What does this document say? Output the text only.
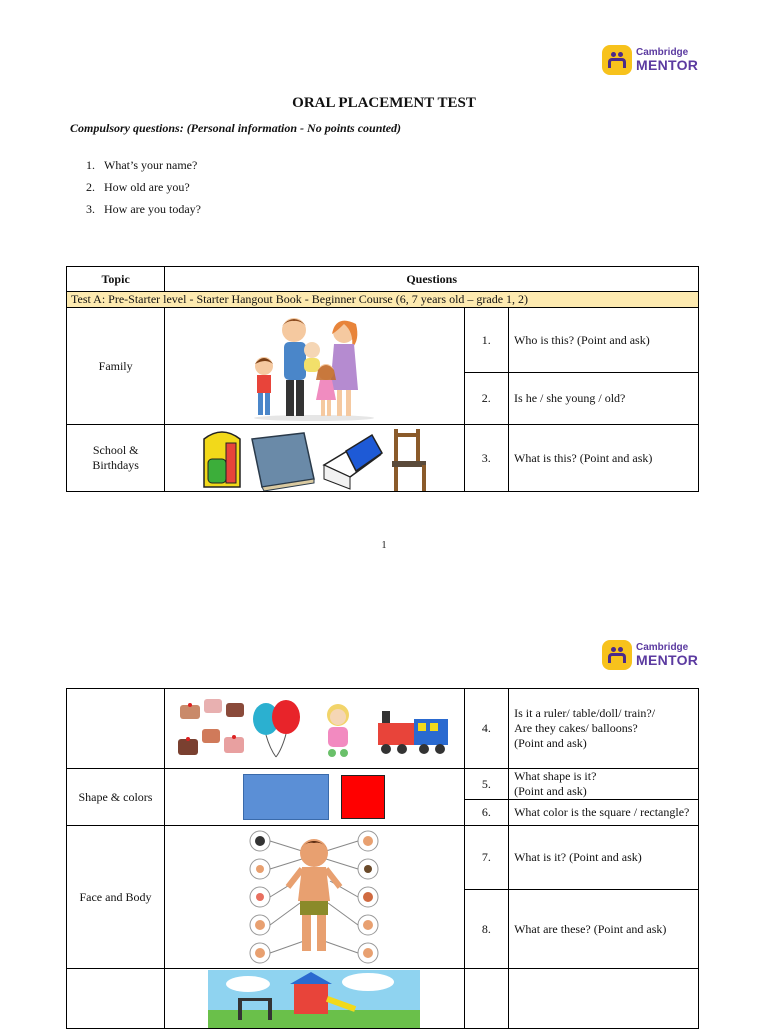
Cambridge
MENTOR
ORAL PLACEMENT TEST
Compulsory questions: (Personal information - No points counted)
1. What’s your name?
2. How old are you?
3. How are you today?
Topic	Questions		
Test A: Pre-Starter level - Starter Hangout Book - Beginner Course (6, 7 years old – grade 1, 2)			
Family		1.	Who is this? (Point and ask)
		2.	Is he / she young / old?

School &
Birthdays		3.	What is this? (Point and ask)
1
Cambridge
MENTOR

	4.	Is it a ruler/ table/doll/ train?/
Are they cakes/ balloons?
(Point and ask)

Shape & colors		5.	What shape is it?
(Point and ask)

		6.	What color is the square / rectangle?
Face and Body		7.	What is it? (Point and ask)
		8.	What are these? (Point and ask)
